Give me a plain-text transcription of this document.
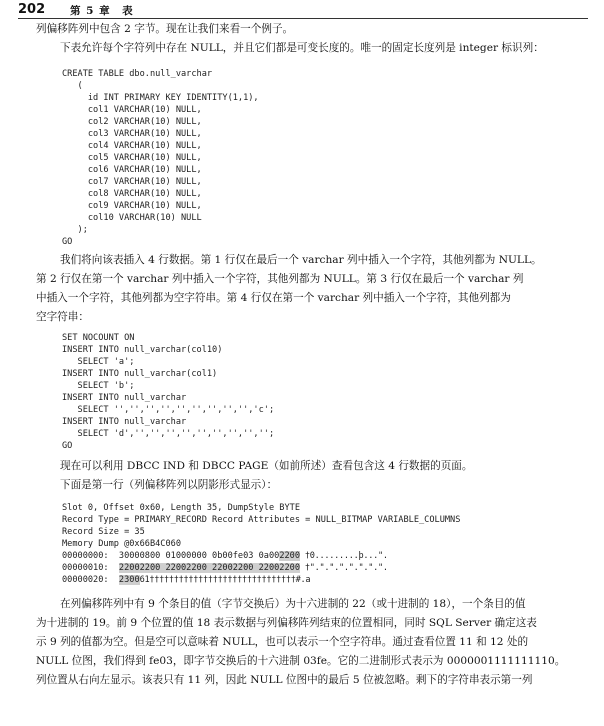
202 第 5 章　表
列偏移阵列中包含 2 字节。现在让我们来看一个例子。
下表允许每个字符列中存在 NULL，并且它们都是可变长度的。唯一的固定长度列是 integer 标识列：
CREATE TABLE dbo.null_varchar
(
id INT PRIMARY KEY IDENTITY(1,1),
col1 VARCHAR(10) NULL,
col2 VARCHAR(10) NULL,
col3 VARCHAR(10) NULL,
col4 VARCHAR(10) NULL,
col5 VARCHAR(10) NULL,
col6 VARCHAR(10) NULL,
col7 VARCHAR(10) NULL,
col8 VARCHAR(10) NULL,
col9 VARCHAR(10) NULL,
col10 VARCHAR(10) NULL
);
GO
我们将向该表插入 4 行数据。第 1 行仅在最后一个 varchar 列中插入一个字符，其他列都为 NULL。
第 2 行仅在第一个 varchar 列中插入一个字符，其他列都为 NULL。第 3 行仅在最后一个 varchar 列
中插入一个字符，其他列都为空字符串。第 4 行仅在第一个 varchar 列中插入一个字符，其他列都为
空字符串：
SET NOCOUNT ON
INSERT INTO null_varchar(col10)
SELECT 'a';
INSERT INTO null_varchar(col1)
SELECT 'b';
INSERT INTO null_varchar
SELECT '','','','','','','','','','c';
INSERT INTO null_varchar
SELECT 'd','','','','','','','','','';
GO
现在可以利用 DBCC IND 和 DBCC PAGE（如前所述）查看包含这 4 行数据的页面。
下面是第一行（列偏移阵列以阴影形式显示）：
Slot 0, Offset 0x60, Length 35, DumpStyle BYTE
Record Type = PRIMARY_RECORD Record Attributes = NULL_BITMAP VARIABLE_COLUMNS
Record Size = 35
Memory Dump @0x66B4C060
00000000:  30000800 01000000 0b00fe03 0a002200 †0.........þ...".
00000010:  22002200 22002200 22002200 22002200 †".".".".".".".".
00000020:  230061††††††††††††††††††††††††††††††#.a
在列偏移阵列中有 9 个条目的值（字节交换后）为十六进制的 22（或十进制的 18），一个条目的值
为十进制的 19。前 9 个位置的值 18 表示数据与列偏移阵列结束的位置相同，同时 SQL Server 确定这表
示 9 列的值都为空。但是空可以意味着 NULL，也可以表示一个空字符串。通过查看位置 11 和 12 处的
NULL 位图，我们得到 fe03，即字节交换后的十六进制 03fe。它的二进制形式表示为 0000001111111110。
列位置从右向左显示。该表只有 11 列，因此 NULL 位图中的最后 5 位被忽略。剩下的字符串表示第一列
